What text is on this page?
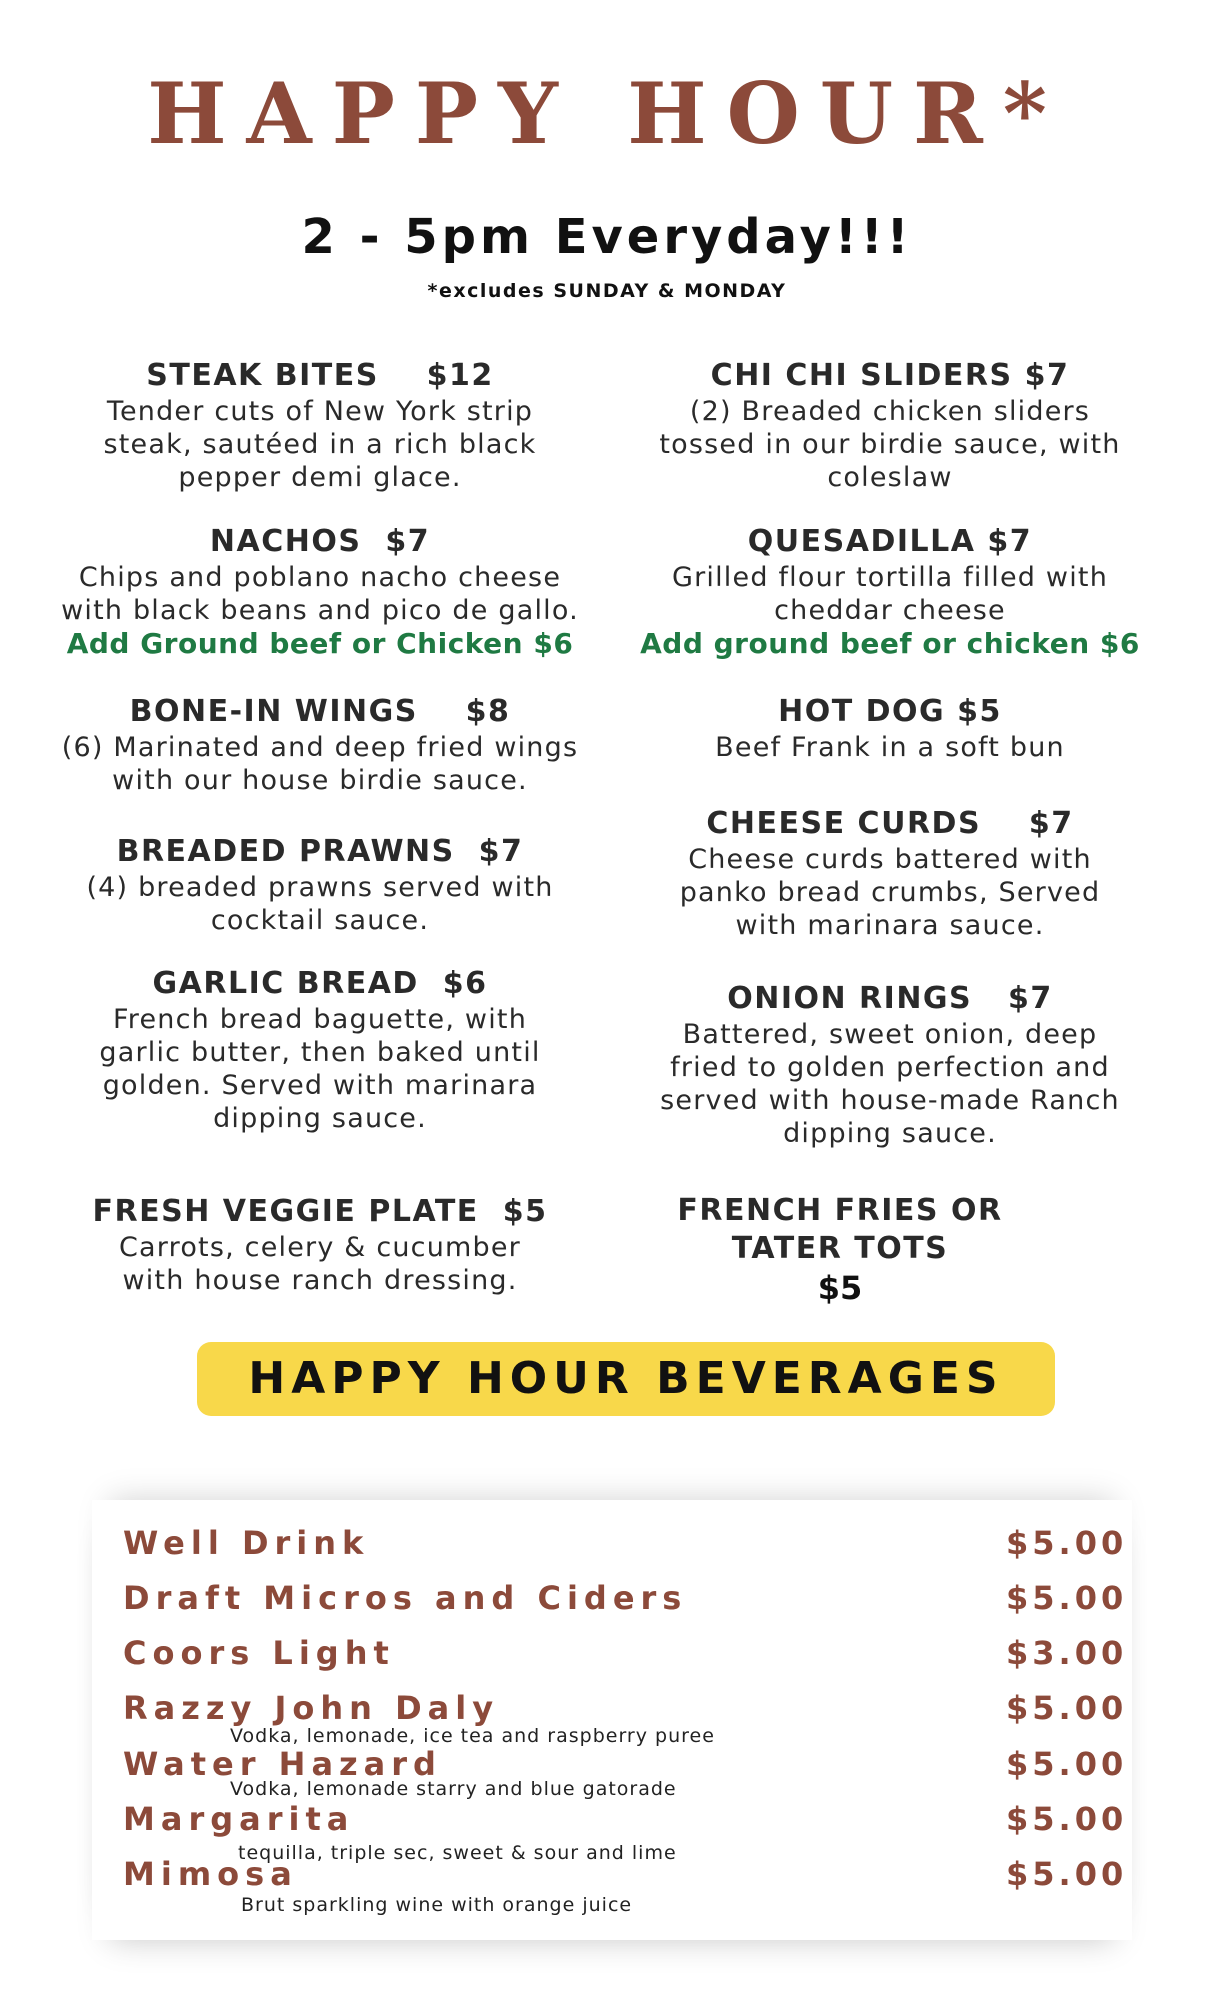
HAPPY HOUR*
2 - 5pm Everyday!!!
*excludes SUNDAY & MONDAY
STEAK BITES    $12
Tender cuts of New York strip
steak, sautéed in a rich black
pepper demi glace.
NACHOS  $7
Chips and poblano nacho cheese
with black beans and pico de gallo.
Add Ground beef or Chicken $6
BONE-IN WINGS    $8
(6) Marinated and deep fried wings
with our house birdie sauce.
BREADED PRAWNS  $7
(4) breaded prawns served with
cocktail sauce.
GARLIC BREAD  $6
French bread baguette, with
garlic butter, then baked until
golden. Served with marinara
dipping sauce.
FRESH VEGGIE PLATE  $5
Carrots, celery & cucumber
with house ranch dressing.
CHI CHI SLIDERS $7
(2) Breaded chicken sliders
tossed in our birdie sauce, with
coleslaw
QUESADILLA $7
Grilled flour tortilla filled with
cheddar cheese
Add ground beef or chicken $6
HOT DOG $5
Beef Frank in a soft bun
CHEESE CURDS    $7
Cheese curds battered with
panko bread crumbs, Served
with marinara sauce.
ONION RINGS   $7
Battered, sweet onion, deep
fried to golden perfection and
served with house-made Ranch
dipping sauce.
FRENCH FRIES OR
TATER TOTS
$5
HAPPY HOUR BEVERAGES
Well Drink	$5.00
Draft Micros and Ciders	$5.00
Coors Light	$3.00
Razzy John Daly	$5.00
Vodka, lemonade, ice tea and raspberry puree
Water Hazard	$5.00
Vodka, lemonade starry and blue gatorade
Margarita	$5.00
tequilla, triple sec, sweet & sour and lime
Mimosa	$5.00
Brut sparkling wine with orange juice
